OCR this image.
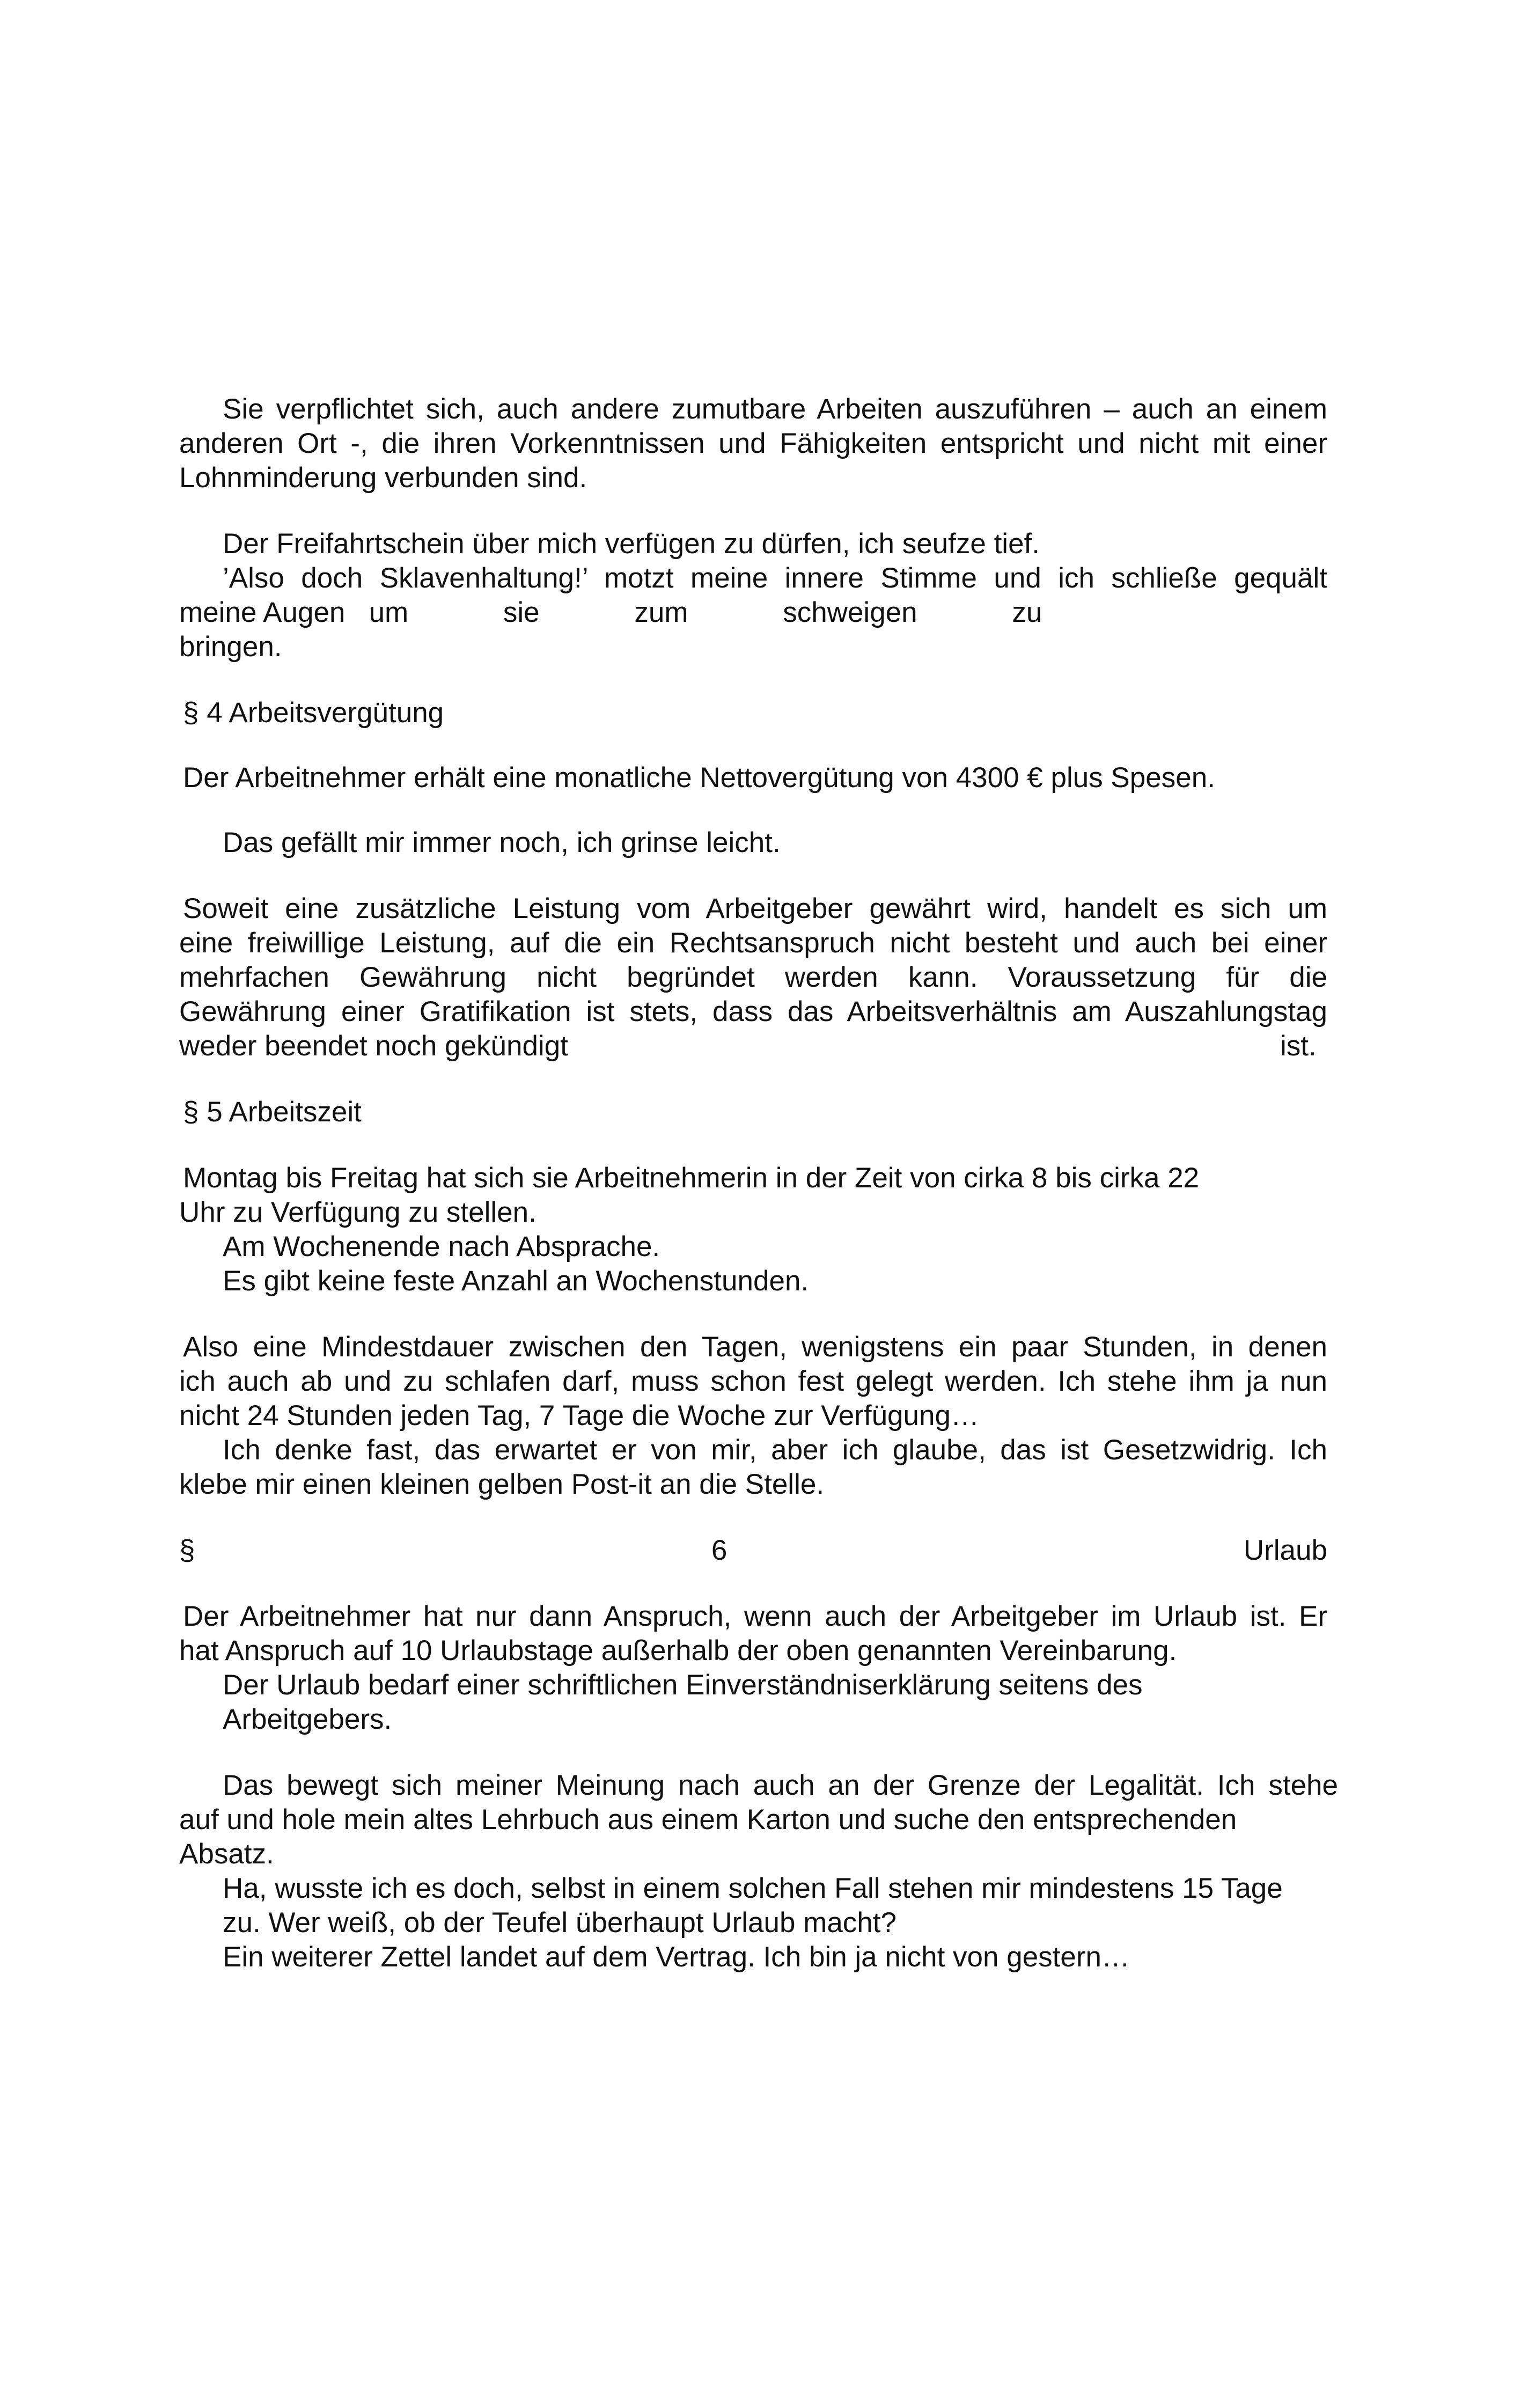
Sie verpflichtet sich, auch andere zumutbare Arbeiten auszuführen – auch an einem

anderen Ort -, die ihren Vorkenntnissen und Fähigkeiten entspricht und nicht mit einer

Lohnminderung verbunden sind.

Der Freifahrtschein über mich verfügen zu dürfen, ich seufze tief.

’Also doch Sklavenhaltung!’ motzt meine innere Stimme und ich schließe gequält

meine Augen   um            sie            zum            schweigen            zu

bringen.

§ 4 Arbeitsvergütung

Der Arbeitnehmer erhält eine monatliche Nettovergütung von 4300 € plus Spesen.

Das gefällt mir immer noch, ich grinse leicht.

Soweit eine zusätzliche Leistung vom Arbeitgeber gewährt wird, handelt es sich um

eine freiwillige Leistung, auf die ein Rechtsanspruch nicht besteht und auch bei einer

mehrfachen Gewährung nicht begründet werden kann. Voraussetzung für die

Gewährung einer Gratifikation ist stets, dass das Arbeitsverhältnis am Auszahlungstag

weder beendet noch gekündigt	ist.

§ 5 Arbeitszeit

Montag bis Freitag hat sich sie Arbeitnehmerin in der Zeit von cirka 8 bis cirka 22

Uhr zu Verfügung zu stellen.

Am Wochenende nach Absprache.

Es gibt keine feste Anzahl an Wochenstunden.

Also eine Mindestdauer zwischen den Tagen, wenigstens ein paar Stunden, in denen

ich auch ab und zu schlafen darf, muss schon fest gelegt werden. Ich stehe ihm ja nun

nicht 24 Stunden jeden Tag, 7 Tage die Woche zur Verfügung…

Ich denke fast, das erwartet er von mir, aber ich glaube, das ist Gesetzwidrig. Ich

klebe mir einen kleinen gelben Post-it an die Stelle.

§	6	Urlaub

Der Arbeitnehmer hat nur dann Anspruch, wenn auch der Arbeitgeber im Urlaub ist. Er

hat Anspruch auf 10 Urlaubstage außerhalb der oben genannten Vereinbarung.

Der Urlaub bedarf einer schriftlichen Einverständniserklärung seitens des

Arbeitgebers.

Das bewegt sich meiner Meinung nach auch an der Grenze der Legalität. Ich stehe

auf und hole mein altes Lehrbuch aus einem Karton und suche den entsprechenden

Absatz.

Ha, wusste ich es doch, selbst in einem solchen Fall stehen mir mindestens 15 Tage

zu. Wer weiß, ob der Teufel überhaupt Urlaub macht?

Ein weiterer Zettel landet auf dem Vertrag. Ich bin ja nicht von gestern…
